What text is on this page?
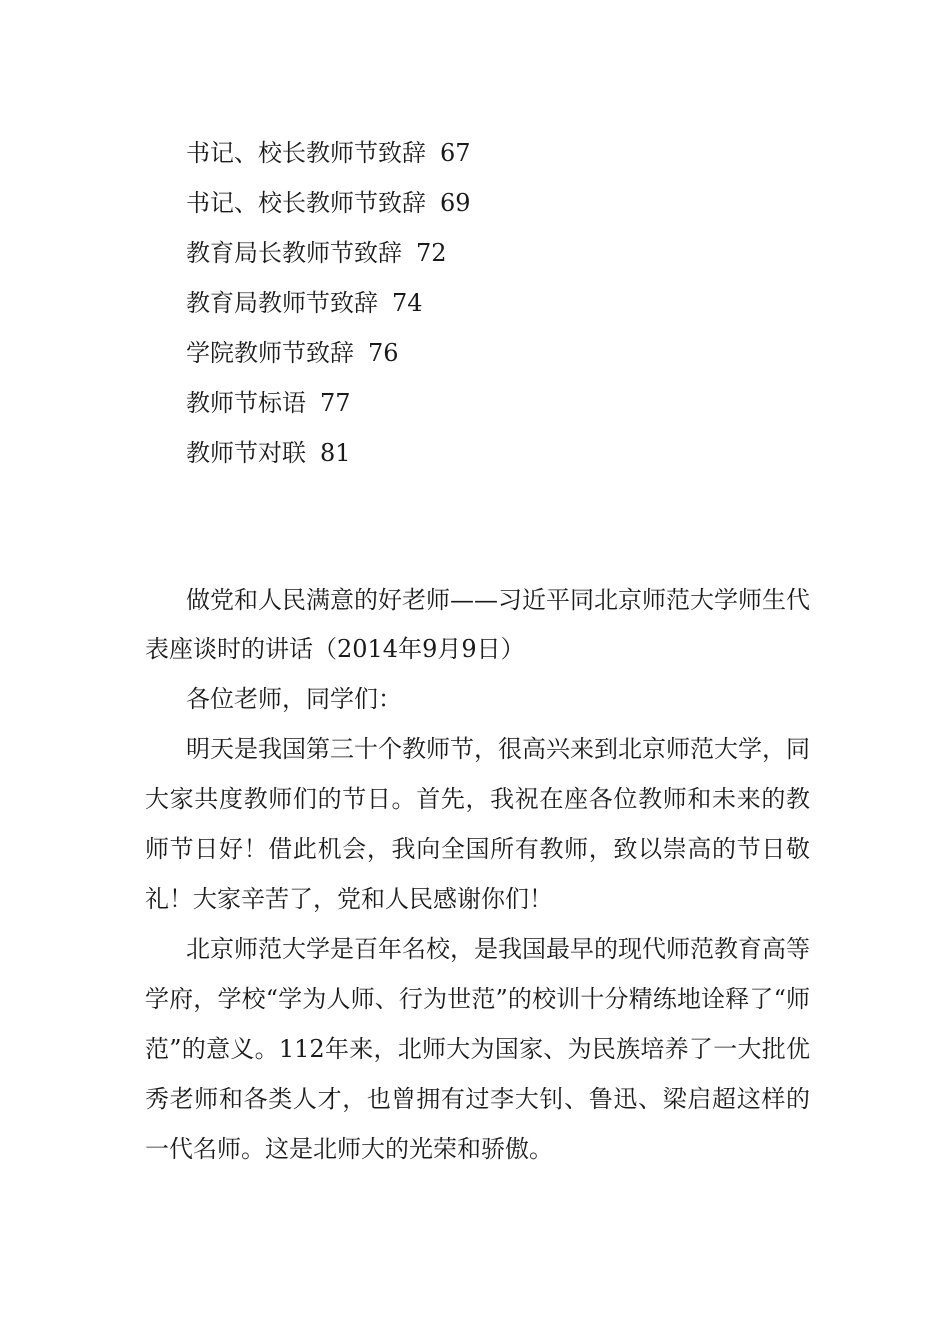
书记、校长教师节致辞 67
书记、校长教师节致辞 69
教育局长教师节致辞 72
教育局教师节致辞 74
学院教师节致辞 76
教师节标语 77
教师节对联 81

做党和人民满意的好老师——习近平同北京师范大学师生代表座谈时的讲话（2014年9月9日）

各位老师，同学们：

明天是我国第三十个教师节，很高兴来到北京师范大学，同大家共度教师们的节日。首先，我祝在座各位教师和未来的教师节日好！借此机会，我向全国所有教师，致以崇高的节日敬礼！大家辛苦了，党和人民感谢你们！

北京师范大学是百年名校，是我国最早的现代师范教育高等学府，学校“学为人师、行为世范”的校训十分精练地诠释了“师范”的意义。112年来，北师大为国家、为民族培养了一大批优秀老师和各类人才，也曾拥有过李大钊、鲁迅、梁启超这样的一代名师。这是北师大的光荣和骄傲。
